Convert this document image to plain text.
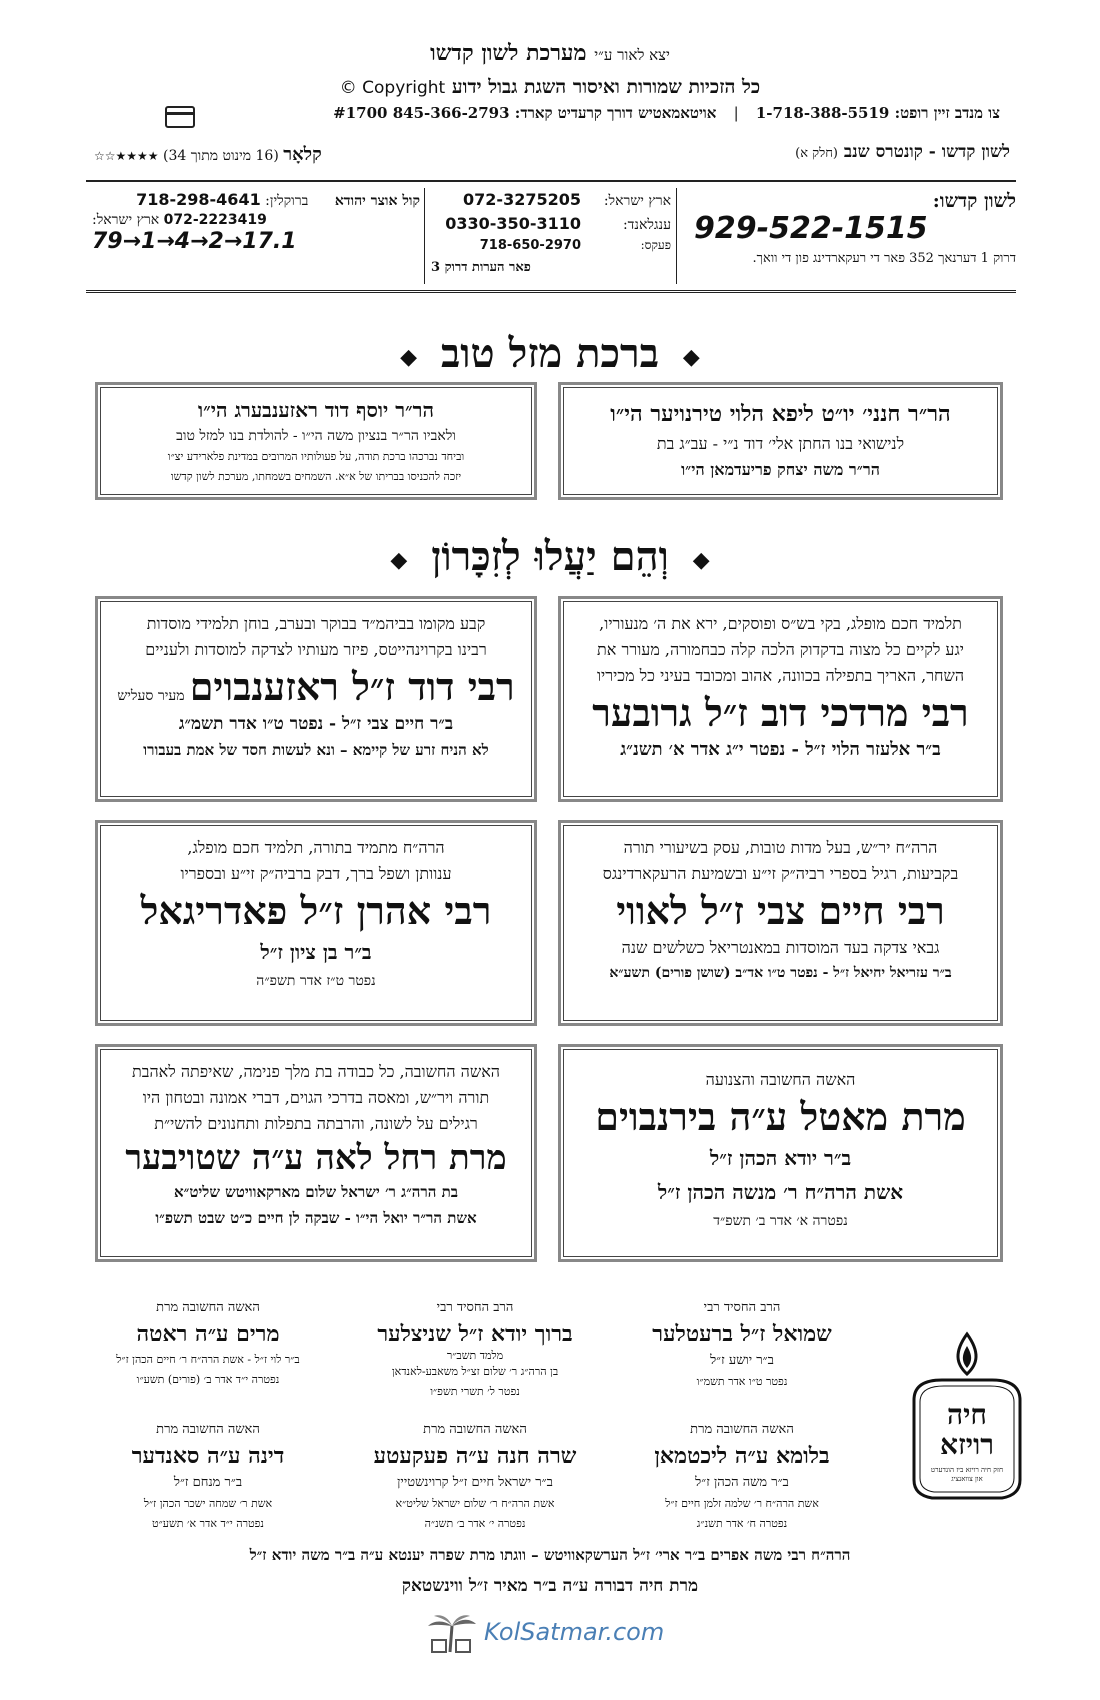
יצא לאור ע״י מערכת לשון קדשו
כל הזכיות שמורות ואיסור השגת גבול ידוע Copyright ©
צו מנדב זיין רופט: 1-718-388-5519 | אויטאמאטיש דורך קרעדיט קארד: 845-366-2793 #1700
לשון קדשו - קונטרס שנב (חלק א)
קלאָר (16 מינוט מתוך 34) ★★★★☆☆
לשון קדשו:
929-522-1515
דרוק 1 דערנאך 352 פאר די רעקארדינג פון די וואך.
ארץ ישראל:072-3275205
ענגלאנד:0330-350-3110
פעקס:718-650-2970
פאר הערות דרוק 3
קול אוצר יהודא ברוקלין: 718-298-4641
072-2223419 ארץ ישראל:
79→1→4→2→17.1
◆ ברכת מזל טוב ◆
הר״ר חנני׳ יו״ט ליפא הלוי טירנויער הי״ו
לנישואי בנו החתן אלי׳ דוד נ״י - עב״ג בת
הר״ר משה יצחק פריעדמאן הי״ו
הר״ר יוסף דוד ראזענבערג הי״ו
ולאביו הר״ר בנציון משה הי״ו - להולדת בנו למזל טוב
וביחד נברכהו ברכת תודה, על פעולותיו המרובים במדינת פלארידע יצ״ו
יזכה להכניסו בבריתו של א״א. השמחים בשמחתו, מערכת לשון קדשו
◆ וְהֵם יַעֲלוּ לְזִכָּרוֹן ◆
תלמיד חכם מופלג, בקי בש״ס ופוסקים, ירא את ה׳ מנעוריו,
יגע לקיים כל מצוה בדקדוק הלכה קלה כבחמורה, מעורר את
השחר, האריך בתפילה בכוונה, אהוב ומכובד בעיני כל מכיריו
רבי מרדכי דוב ז״ל גרובער
ב״ר אלעזר הלוי ז״ל - נפטר י״ג אדר א׳ תשנ״ג
קבע מקומו בביהמ״ד בבוקר ובערב, בוחן תלמידי מוסדות
רבינו בקרוינהייטס, פיזר מעותיו לצדקה למוסדות ולעניים
רבי דוד ז״ל ראזענבוים מעיר סעליש
ב״ר חיים צבי ז״ל - נפטר ט״ו אדר תשמ״ג
לא הניח זרע של קיימא – ונא לעשות חסד של אמת בעבורו
הרה״ח יר״ש, בעל מדות טובות, עסק בשיעורי תורה
בקביעות, רגיל בספרי רביה״ק זי״ע ובשמיעת הרעקארדינגס
רבי חיים צבי ז״ל לאווי
גבאי צדקה בעד המוסדות במאנטריאל כשלשים שנה
ב״ר עזריאל יחיאל ז״ל - נפטר ט״ו אד״ב (שושן פורים) תשע״א
הרה״ח מתמיד בתורה, תלמיד חכם מופלג,
ענוותן ושפל ברך, דבק ברביה״ק זי״ע ובספריו
רבי אהרן ז״ל פאדריגאל
ב״ר בן ציון ז״ל
נפטר ט״ז אדר תשפ״ה
האשה החשובה והצנועה
מרת מאטל ע״ה בירנבוים
ב״ר יודא הכהן ז״ל
אשת הרה״ח ר׳ מנשה הכהן ז״ל
נפטרה א׳ אדר ב׳ תשפ״ד
האשה החשובה, כל כבודה בת מלך פנימה, שאיפתה לאהבת
תורה ויר״ש, ומאסה בדרכי הגוים, דברי אמונה ובטחון היו
רגילים על לשונה, והרבתה בתפלות ותחנונים להשי״ת
מרת רחל לאה ע״ה שטויבער
בת הרה״ג ר׳ ישראל שלום מארקאוויטש שליט״א
אשת הר״ר יואל הי״ו - שבקה לן חיים כ״ט שבט תשפ״ו
הרב החסיד רבי
שמואל ז״ל ברעטלער
ב״ר יושע ז״ל
נפטר ט״ו אדר תשמ״ו
הרב החסיד רבי
ברוך יודא ז״ל שניצלער
מלמד תשב״ר
בן הרה״ג ר׳ שלום זצ״ל משאבע-לאנדאן
נפטר ל׳ תשרי תשפ״ו
האשה החשובה מרת
מרים ע״ה ראטה
ב״ר לוי ז״ל - אשת הרה״ח ר׳ חיים הכהן ז״ל
נפטרה י״ד אדר ב׳ (פורים) תשע״ו
האשה החשובה מרת
בלומא ע״ה ליכטמאן
ב״ר משה הכהן ז״ל
אשת הרה״ח ר׳ שלמה זלמן חיים ז״ל
נפטרה ח׳ אדר תשנ״ג
האשה החשובה מרת
שרה חנה ע״ה פעקעטע
ב״ר ישראל חיים ז״ל קרוינשטיין
אשת הרה״ח ר׳ שלום ישראל שליט״א
נפטרה י׳ אדר ב׳ תשנ״ה
האשה החשובה מרת
דינה ע״ה סאנדער
ב״ר מנחם ז״ל
אשת ר׳ שמחה ישכר הכהן ז״ל
נפטרה י״ד אדר א׳ תשע״ט
חיה
רויזא
חזק חיה רויזא ביז הונדערט און צוואנציג
הרה״ח רבי משה אפרים ב״ר ארי׳ ז״ל הערשקאוויטש – ווגתו מרת שפרה יענטא ע״ה ב״ר משה יודא ז״ל
מרת חיה דבורה ע״ה ב״ר מאיר ז״ל ווינשטאק
KolSatmar.com
